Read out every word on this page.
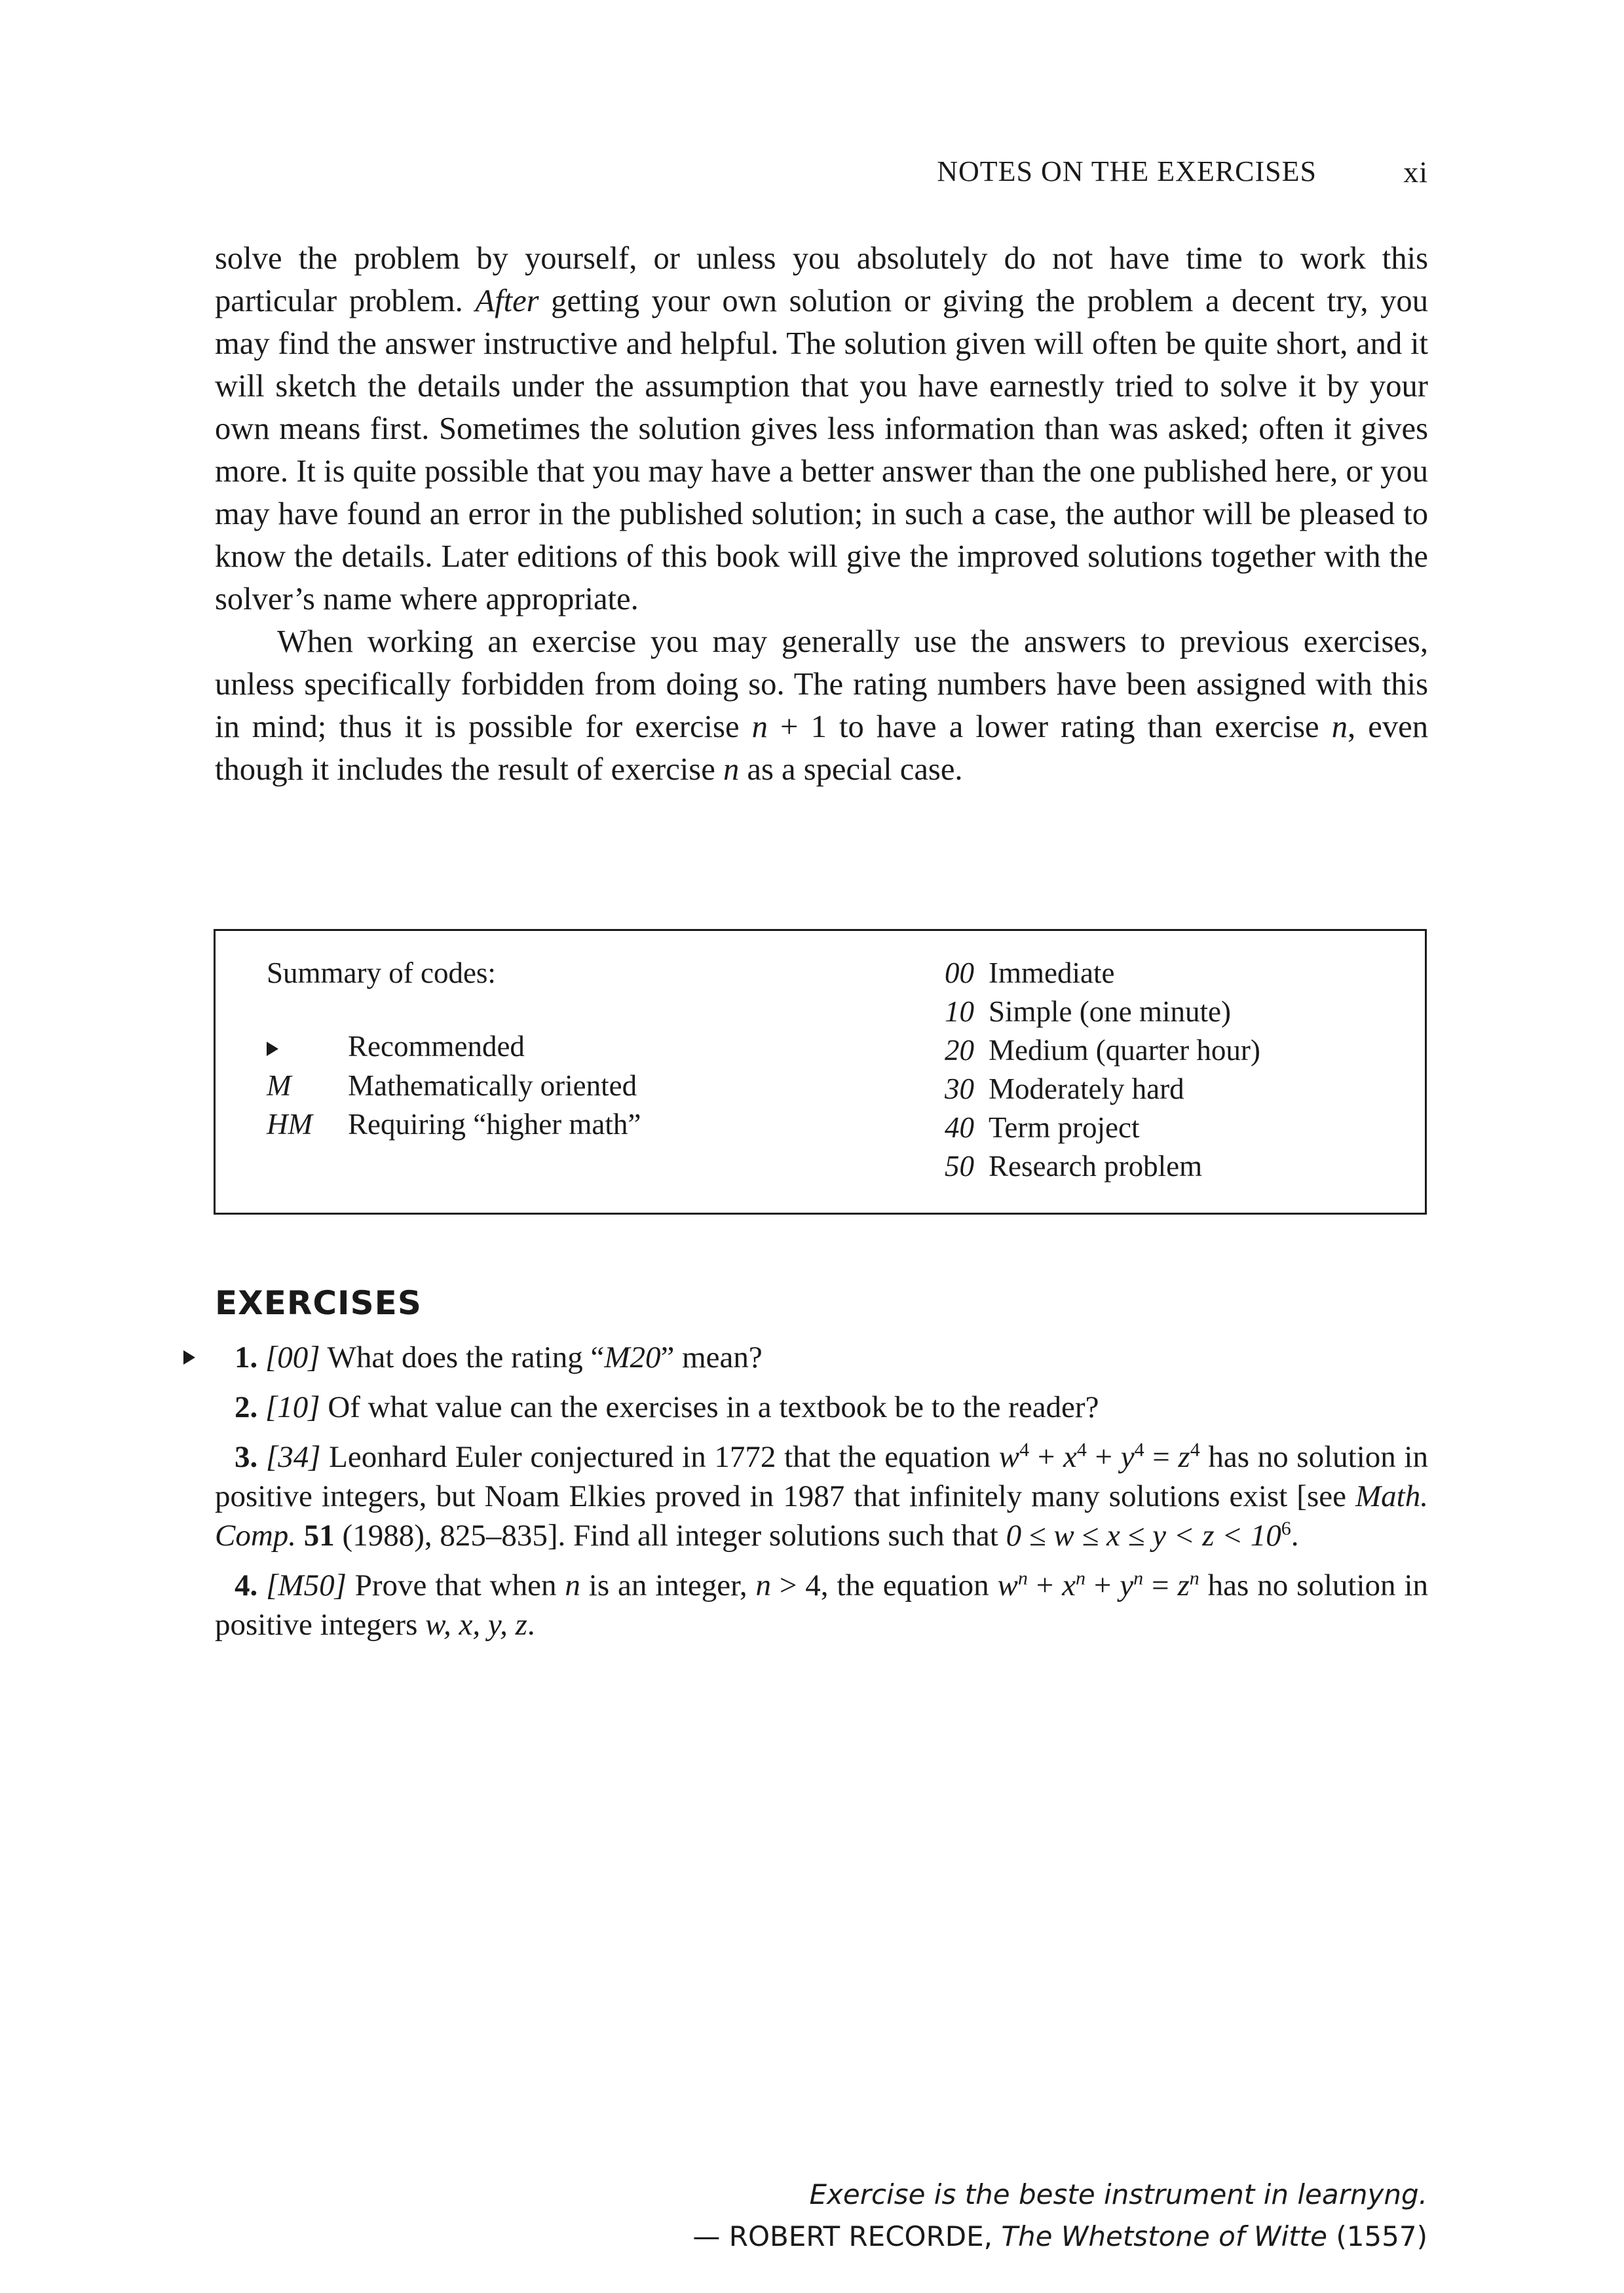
NOTES ON THE EXERCISES	xi

solve the problem by yourself, or unless you absolutely do not have time to work this particular problem. After getting your own solution or giving the problem a decent try, you may find the answer instructive and helpful. The solution given will often be quite short, and it will sketch the details under the assumption that you have earnestly tried to solve it by your own means first. Sometimes the solution gives less information than was asked; often it gives more. It is quite possible that you may have a better answer than the one published here, or you may have found an error in the published solution; in such a case, the author will be pleased to know the details. Later editions of this book will give the improved solutions together with the solver’s name where appropriate.

When working an exercise you may generally use the answers to previous exercises, unless specifically forbidden from doing so. The rating numbers have been assigned with this in mind; thus it is possible for exercise n + 1 to have a lower rating than exercise n, even though it includes the result of exercise n as a special case.

Summary of codes:
Recommended
M	Mathematically oriented
HM	Requiring “higher math”
00 Immediate
10 Simple (one minute)
20 Medium (quarter hour)
30 Moderately hard
40 Term project
50 Research problem
EXERCISES

1. [00] What does the rating “M20” mean?

2. [10] Of what value can the exercises in a textbook be to the reader?

3. [34] Leonhard Euler conjectured in 1772 that the equation $w^4 + x^4 + y^4 = z^4$ has no solution in positive integers, but Noam Elkies proved in 1987 that infinitely many solutions exist [see Math. Comp. 51 (1988), 825–835]. Find all integer solutions such that $0 \le w \le x \le y < z < 10^6$.

4. [M50] Prove that when n is an integer, n > 4, the equation $w^n + x^n + y^n = z^n$ has no solution in positive integers w, x, y, z.

Exercise is the beste instrument in learnyng.
— ROBERT RECORDE, The Whetstone of Witte (1557)
